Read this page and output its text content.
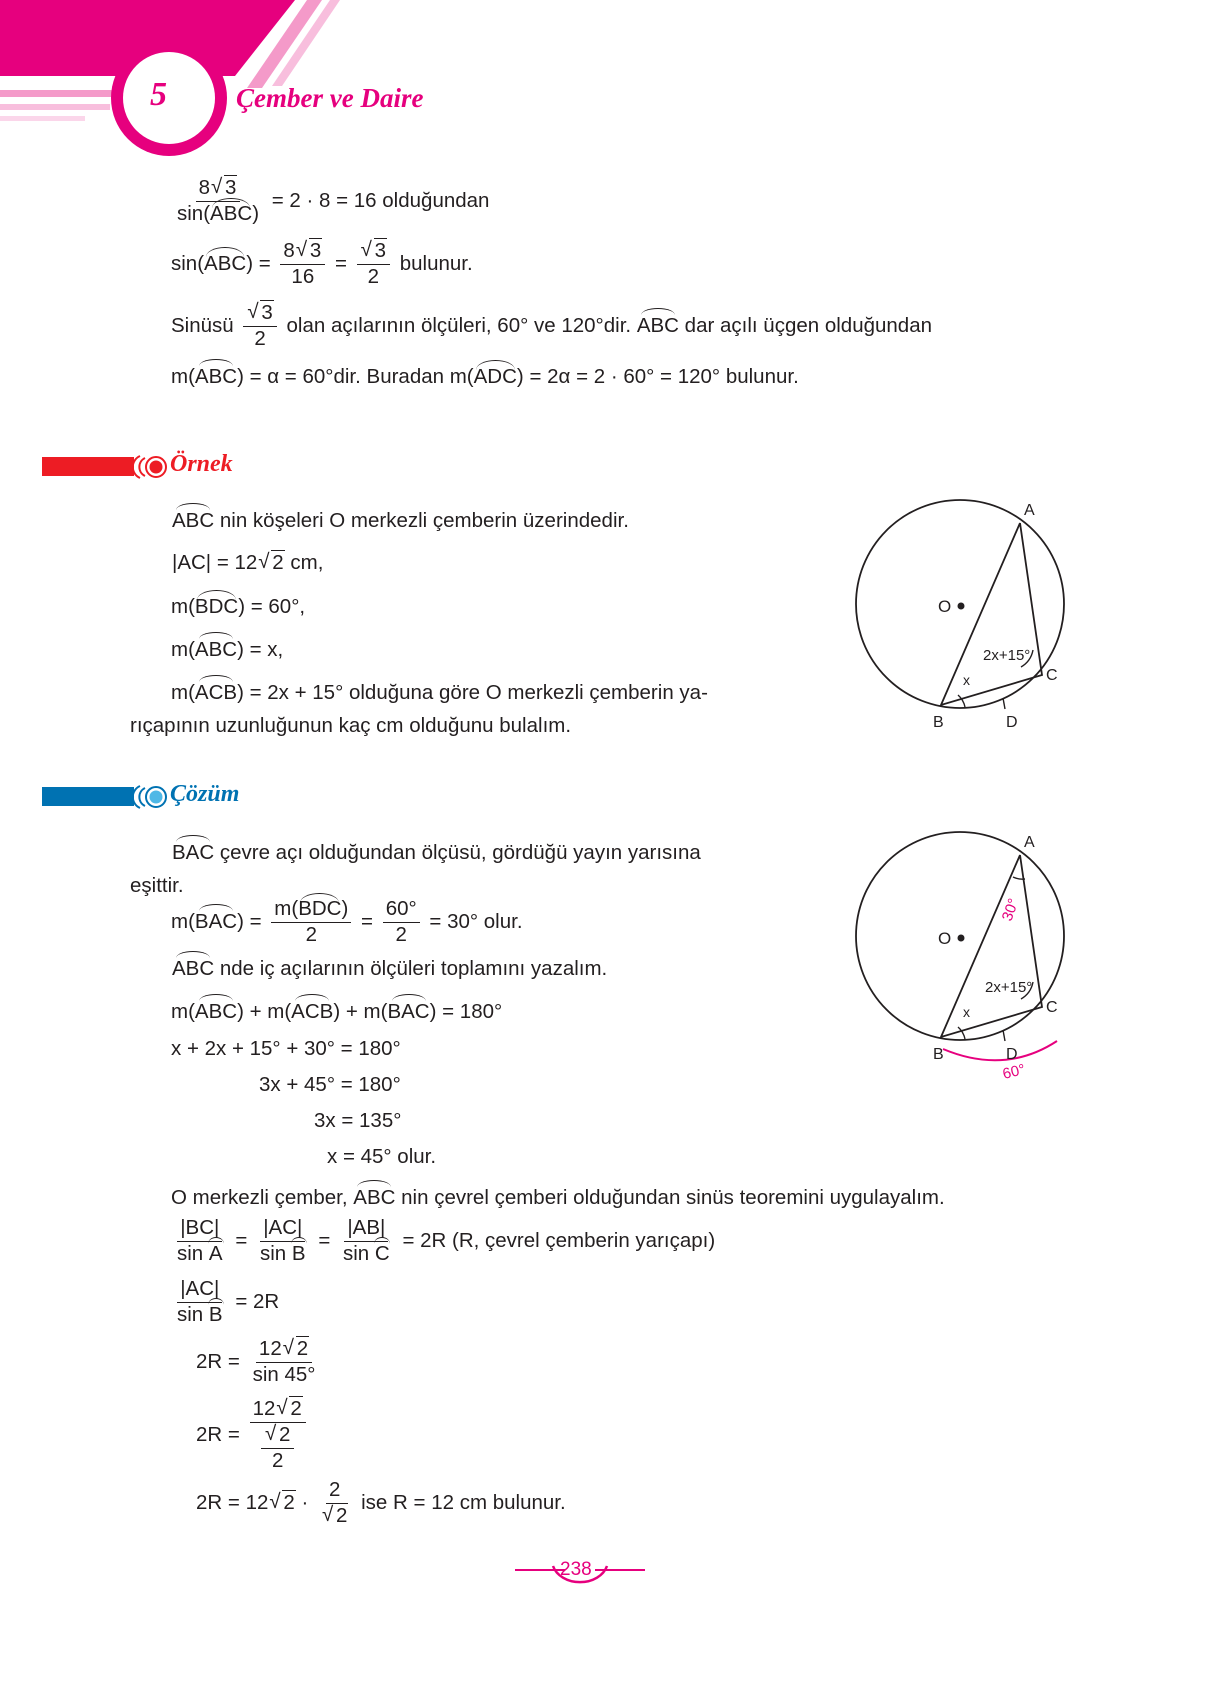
5	Çember ve Daire
$\frac{8 √ 3}{\text{sin(ABC)}} = 2 \cdot 8 = 16$ olduğundan
$\sin(ABC) = \frac{8 √ 3}{16}$ = √ $\frac{3}{2}$ bulunur.
Sinüsü √ $\frac{3}{2}$ olan açılarının ölçüleri, 60° ve 120°dir. ABC dar açılı üçgen olduğundan
m(ABC) = α = 60°dir. Buradan m(ADC) = 2α = 2 · 60° = 120° bulunur.
Örnek
ABC nin köşeleri O merkezli çemberin üzerindedir.
|AC| = 12 √ 2 cm,
m(BDC) = 60°,
m(ABC) = x,
m(ACB) = 2x + 15° olduğuna göre O merkezli çemberin ya-
rıçapının uzunluğunun kaç cm olduğunu bulalım.
A
B
C
D
O
x
2x+15°
Çözüm
BAC çevre açı olduğundan ölçüsü, gördüğü yayın yarısına
eşittir.
$m(BAC) = \frac{\text{m(BDC)}}{2} = \frac{60^\circ}{2} = 30^\circ$ olur.
ABC nde iç açılarının ölçüleri toplamını yazalım.
m(ABC) + m(ACB) + m(BAC) = 180°
x + 2x + 15° + 30° = 180°
3x + 45° = 180°
3x = 135°
x = 45° olur.
O merkezli çember, ABC nin çevrel çemberi olduğundan sinüs teoremini uygulayalım.
$\frac{|BC|}{\text{sin A}} = \frac{|AC|}{\text{sin B}} = \frac{|AB|}{\text{sin C}} = 2R$ (R, çevrel çemberin yarıçapı)
$\frac{|AC|}{\text{sin B}} = 2R$
$2R = \frac{12 √ 2}{\sin 45^\circ}$
2R = 12 √ 2
√ $\frac{2}{2}$
2R = 12 √ 2 · 2
√ 2 ise R = 12 cm bulunur.
A
B
C
D
O
x
2x+15°
30°
60°
238
